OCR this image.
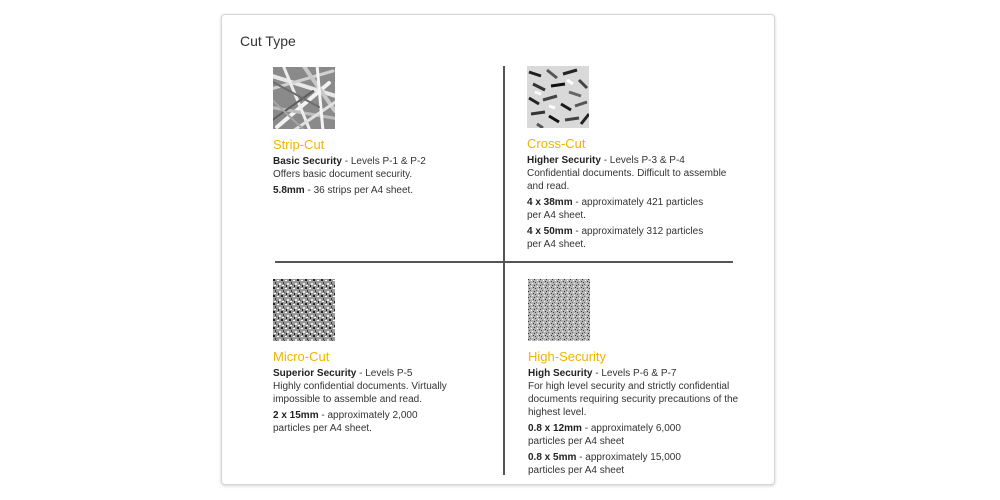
Cut Type
Strip-Cut

Basic Security - Levels P-1 & P-2

Offers basic document security.

5.8mm - 36 strips per A4 sheet.

Cross-Cut

Higher Security - Levels P-3 & P-4

Confidential documents. Difficult to assemble and read.

4 x 38mm - approximately 421 particles per A4 sheet.

4 x 50mm - approximately 312 particles per A4 sheet.

Micro-Cut

Superior Security - Levels P-5

Highly confidential documents. Virtually impossible to assemble and read.

2 x 15mm - approximately 2,000 particles per A4 sheet.

High-Security

High Security - Levels P-6 & P-7

For high level security and strictly confidential documents requiring security precautions of the highest level.

0.8 x 12mm - approximately 6,000 particles per A4 sheet

0.8 x 5mm - approximately 15,000 particles per A4 sheet
